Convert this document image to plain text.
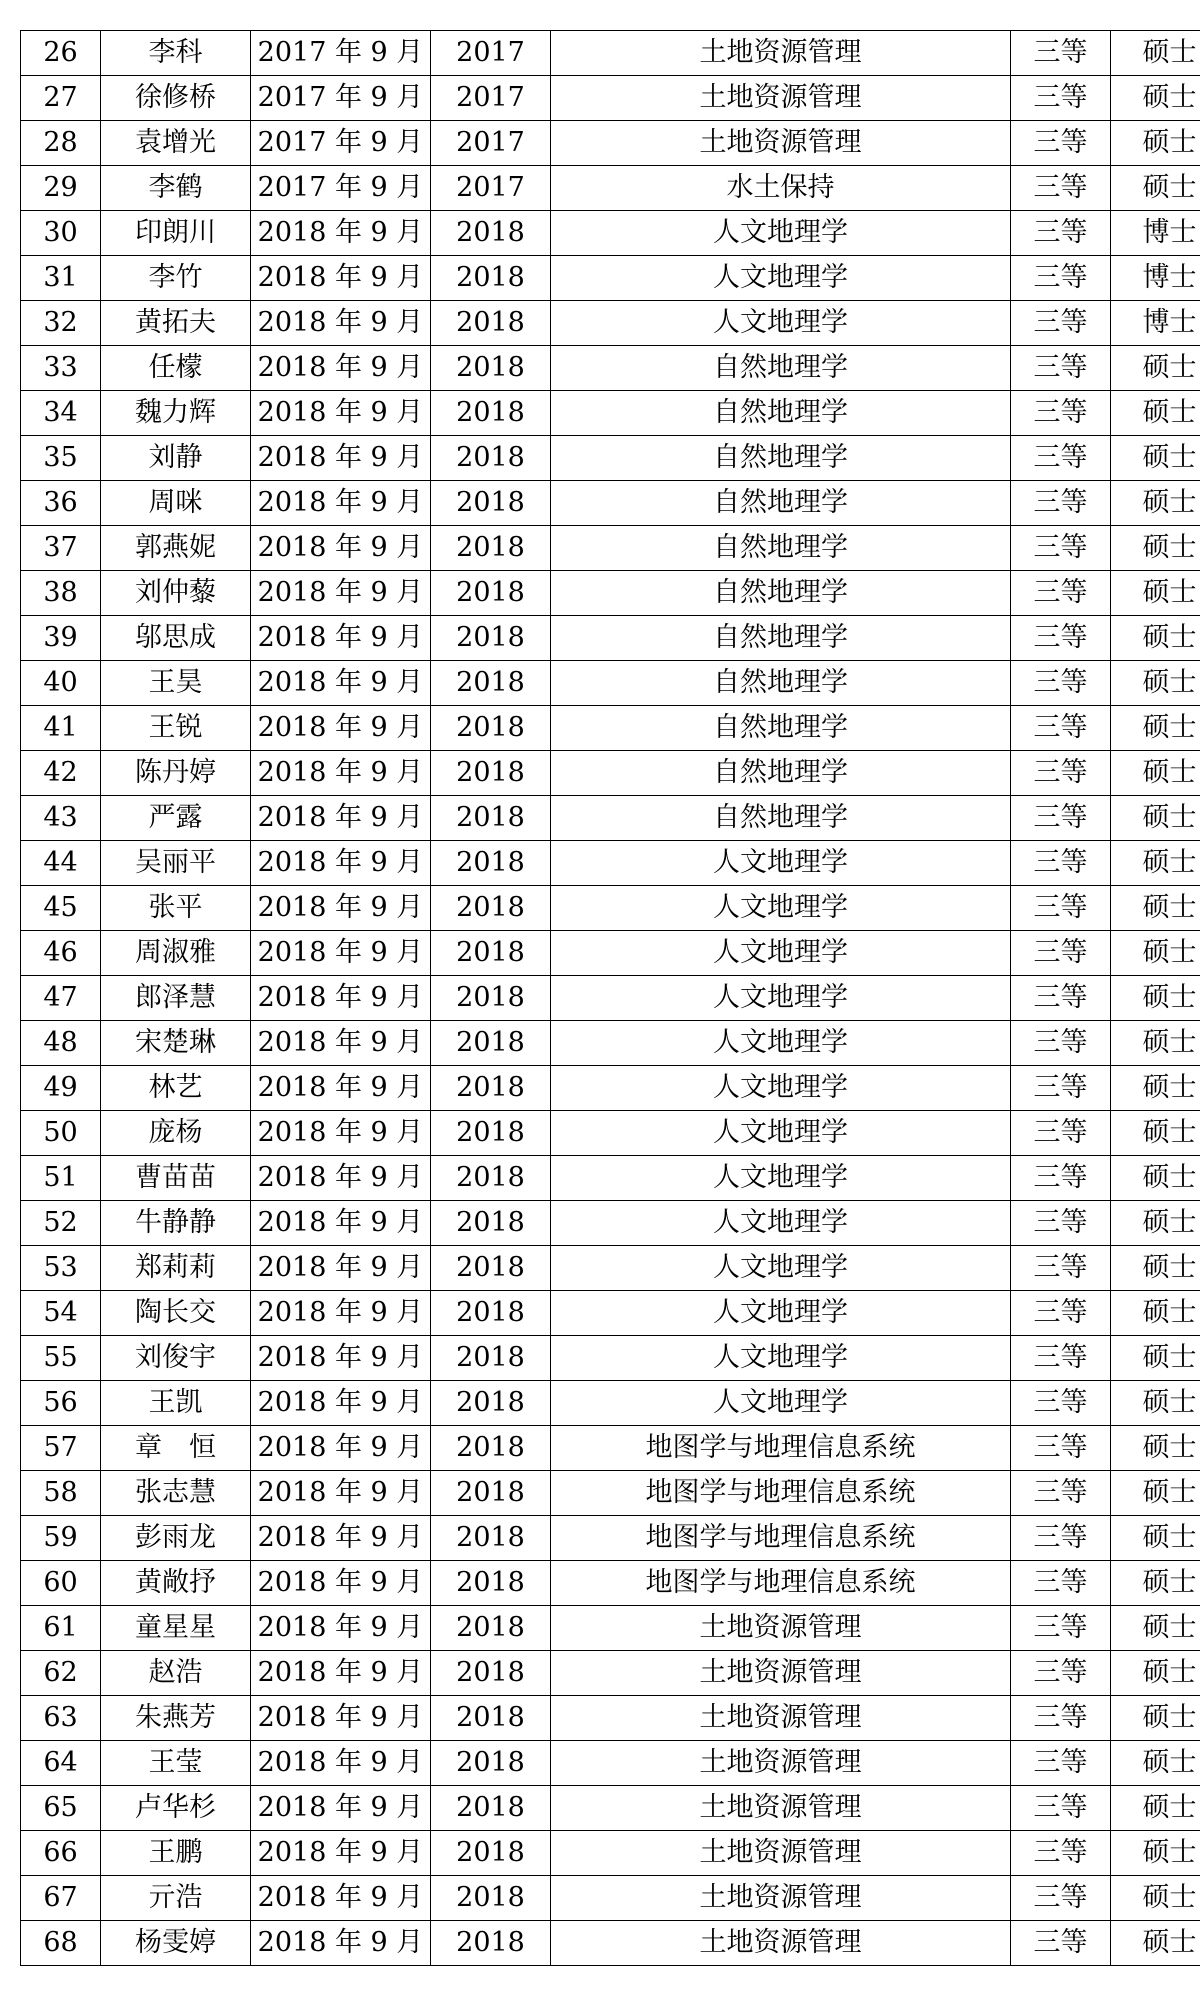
26	李科	2017 年 9 月	2017	土地资源管理	三等	硕士
27	徐修桥	2017 年 9 月	2017	土地资源管理	三等	硕士
28	袁增光	2017 年 9 月	2017	土地资源管理	三等	硕士
29	李鹤	2017 年 9 月	2017	水土保持	三等	硕士
30	印朗川	2018 年 9 月	2018	人文地理学	三等	博士
31	李竹	2018 年 9 月	2018	人文地理学	三等	博士
32	黄拓夫	2018 年 9 月	2018	人文地理学	三等	博士
33	任檬	2018 年 9 月	2018	自然地理学	三等	硕士
34	魏力辉	2018 年 9 月	2018	自然地理学	三等	硕士
35	刘静	2018 年 9 月	2018	自然地理学	三等	硕士
36	周咪	2018 年 9 月	2018	自然地理学	三等	硕士
37	郭燕妮	2018 年 9 月	2018	自然地理学	三等	硕士
38	刘仲藜	2018 年 9 月	2018	自然地理学	三等	硕士
39	邬思成	2018 年 9 月	2018	自然地理学	三等	硕士
40	王昊	2018 年 9 月	2018	自然地理学	三等	硕士
41	王锐	2018 年 9 月	2018	自然地理学	三等	硕士
42	陈丹婷	2018 年 9 月	2018	自然地理学	三等	硕士
43	严露	2018 年 9 月	2018	自然地理学	三等	硕士
44	吴丽平	2018 年 9 月	2018	人文地理学	三等	硕士
45	张平	2018 年 9 月	2018	人文地理学	三等	硕士
46	周淑雅	2018 年 9 月	2018	人文地理学	三等	硕士
47	郎泽慧	2018 年 9 月	2018	人文地理学	三等	硕士
48	宋楚琳	2018 年 9 月	2018	人文地理学	三等	硕士
49	林艺	2018 年 9 月	2018	人文地理学	三等	硕士
50	庞杨	2018 年 9 月	2018	人文地理学	三等	硕士
51	曹苗苗	2018 年 9 月	2018	人文地理学	三等	硕士
52	牛静静	2018 年 9 月	2018	人文地理学	三等	硕士
53	郑莉莉	2018 年 9 月	2018	人文地理学	三等	硕士
54	陶长交	2018 年 9 月	2018	人文地理学	三等	硕士
55	刘俊宇	2018 年 9 月	2018	人文地理学	三等	硕士
56	王凯	2018 年 9 月	2018	人文地理学	三等	硕士
57	章　恒	2018 年 9 月	2018	地图学与地理信息系统	三等	硕士
58	张志慧	2018 年 9 月	2018	地图学与地理信息系统	三等	硕士
59	彭雨龙	2018 年 9 月	2018	地图学与地理信息系统	三等	硕士
60	黄敞抒	2018 年 9 月	2018	地图学与地理信息系统	三等	硕士
61	童星星	2018 年 9 月	2018	土地资源管理	三等	硕士
62	赵浩	2018 年 9 月	2018	土地资源管理	三等	硕士
63	朱燕芳	2018 年 9 月	2018	土地资源管理	三等	硕士
64	王莹	2018 年 9 月	2018	土地资源管理	三等	硕士
65	卢华杉	2018 年 9 月	2018	土地资源管理	三等	硕士
66	王鹏	2018 年 9 月	2018	土地资源管理	三等	硕士
67	亓浩	2018 年 9 月	2018	土地资源管理	三等	硕士
68	杨雯婷	2018 年 9 月	2018	土地资源管理	三等	硕士
